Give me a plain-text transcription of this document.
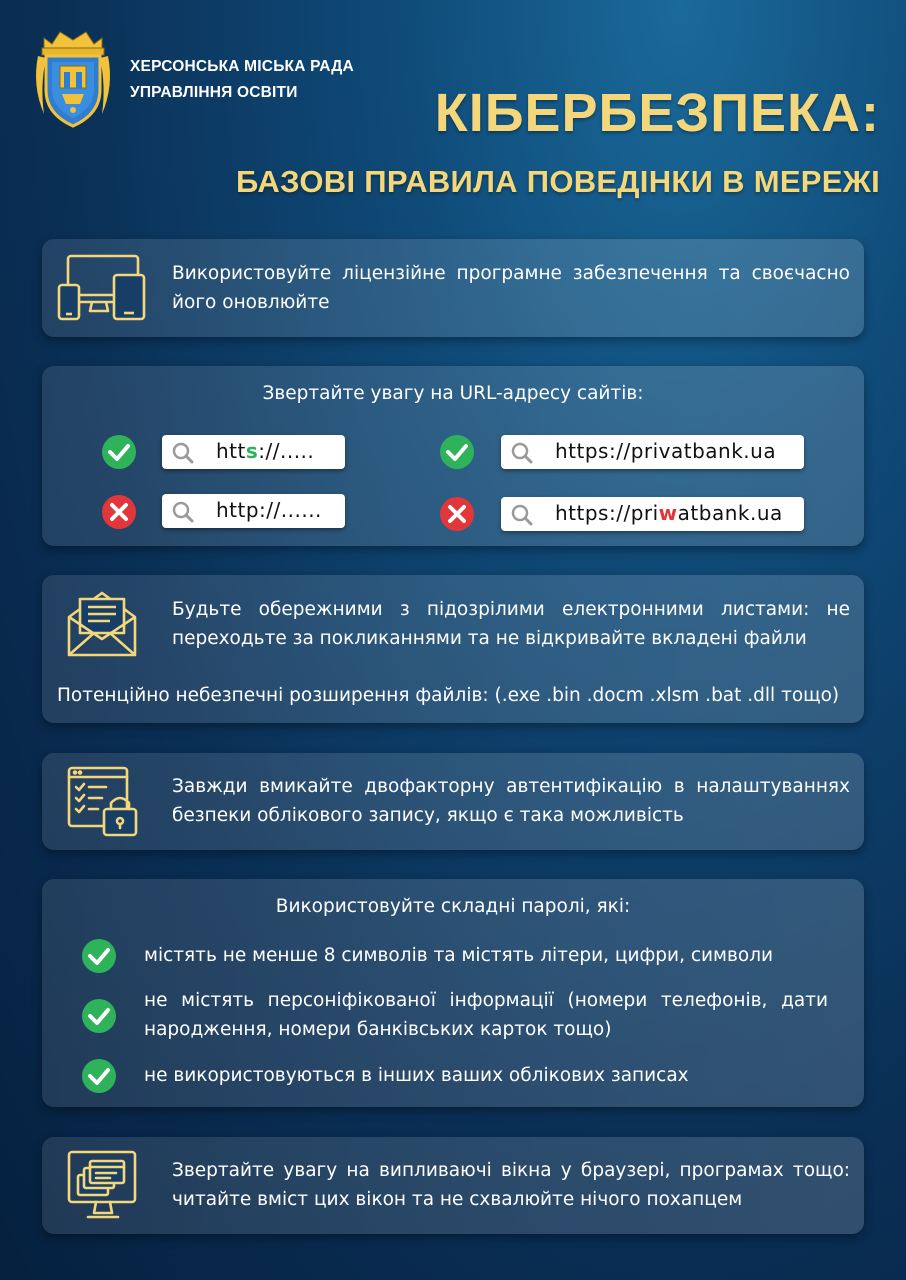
ХЕРСОНСЬКА МІСЬКА РАДА
УПРАВЛІННЯ ОСВІТИ	КІБЕРБЕЗПЕКА:
БАЗОВІ ПРАВИЛА ПОВЕДІНКИ В МЕРЕЖІ
Використовуйте ліцензійне програмне забезпечення та своєчасно його оновлюйте
Звертайте увагу на URL-адресу сайтів:
htts://.....	https://privatbank.ua
http://......	https://priwatbank.ua
Будьте обережними з підозрілими електронними листами: не переходьте за покликаннями та не відкривайте вкладені файли
Потенційно небезпечні розширення файлів: (.exe .bin .docm .xlsm .bat .dll тощо)
Завжди вмикайте двофакторну автентифікацію в налаштуваннях безпеки облікового запису, якщо є така можливість
Використовуйте складні паролі, які:
містять не менше 8 символів та містять літери, цифри, символи
не містять персоніфікованої інформації (номери телефонів, дати народження, номери банківських карток тощо)
не використовуються в інших ваших облікових записах
Звертайте увагу на випливаючі вікна у браузері, програмах тощо: читайте вміст цих вікон та не схвалюйте нічого похапцем
